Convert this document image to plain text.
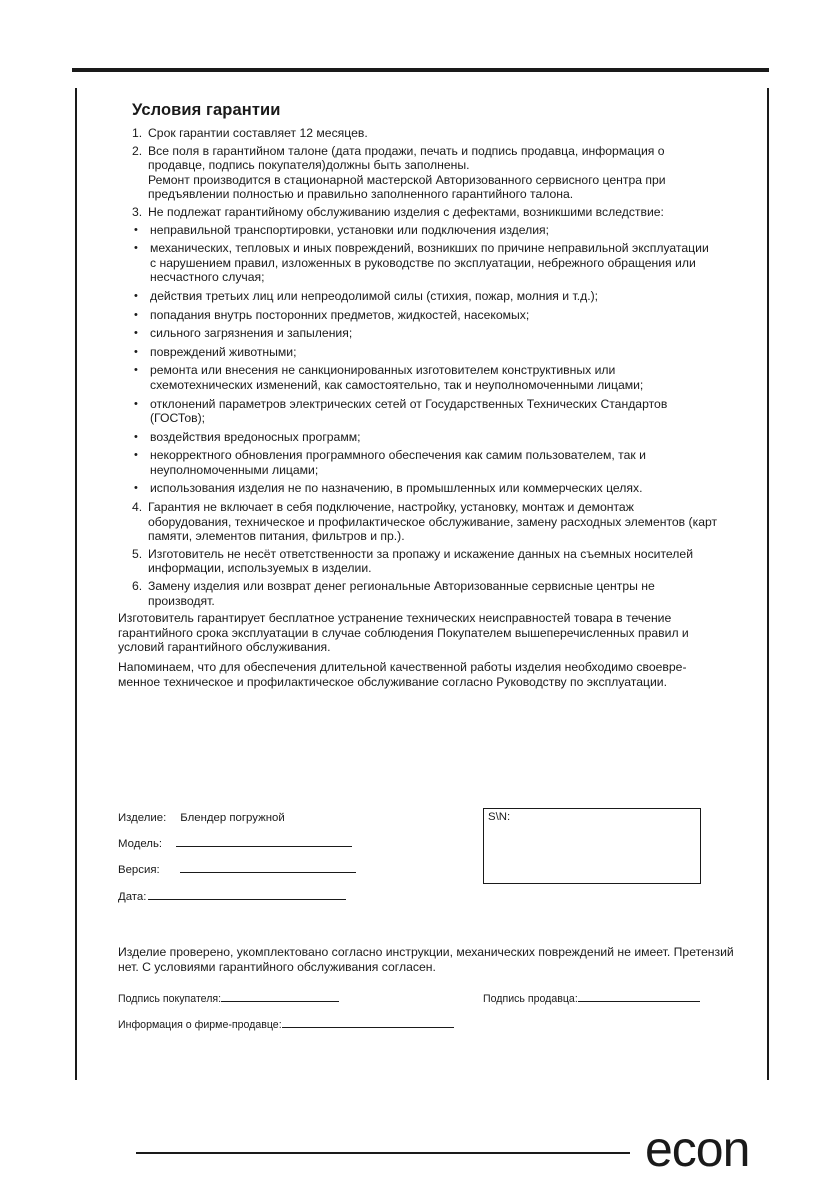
Условия гарантии
1. Срок гарантии составляет 12 месяцев.
2. Все поля в гарантийном талоне (дата продажи, печать и подпись продавца, информация о продавце, подпись покупателя)должны быть заполнены.
Ремонт производится в стационарной мастерской Авторизованного сервисного центра при предъявлении полностью и правильно заполненного гарантийного талона.
3. Не подлежат гарантийному обслуживанию изделия с дефектами, возникшими вследствие:
• неправильной транспортировки, установки или подключения изделия;
• механических, тепловых и иных повреждений, возникших по причине неправильной эксплуатации с нарушением правил, изложенных в руководстве по эксплуатации, небрежного обращения или несчастного случая;
• действия третьих лиц или непреодолимой силы (стихия, пожар, молния и т.д.);
• попадания внутрь посторонних предметов, жидкостей, насекомых;
• сильного загрязнения и запыления;
• повреждений животными;
• ремонта или внесения не санкционированных изготовителем конструктивных или схемотехнических изменений, как самостоятельно, так и неуполномоченными лицами;
• отклонений параметров электрических сетей от Государственных Технических Стандартов (ГОСТов);
• воздействия вредоносных программ;
• некорректного обновления программного обеспечения как самим пользователем, так и неуполномоченными лицами;
• использования изделия не по назначению, в промышленных или коммерческих целях.
4. Гарантия не включает в себя подключение, настройку, установку, монтаж и демонтаж оборудования, техническое и профилактическое обслуживание, замену расходных элементов (карт памяти, элементов питания, фильтров и пр.).
5. Изготовитель не несёт ответственности за пропажу и искажение данных на съемных носителей информации, используемых в изделии.
6. Замену изделия или возврат денег региональные Авторизованные сервисные центры не производят.

Изготовитель гарантирует бесплатное устранение технических неисправностей товара в течение гарантийного срока эксплуатации в случае соблюдения Покупателем вышеперечисленных правил и условий гарантийного обслуживания.

Напоминаем, что для обеспечения длительной качественной работы изделия необходимо своевре-менное техническое и профилактическое обслуживание согласно Руководству по эксплуатации.

Изделие: Блендер погружной
Модель:
Версия:
Дата:
S\N:
Изделие проверено, укомплектовано согласно инструкции, механических повреждений не имеет. Претензий нет. С условиями гарантийного обслуживания согласен.
Подпись покупателя:	Подпись продавца:
Информация о фирме-продавце:
econ
